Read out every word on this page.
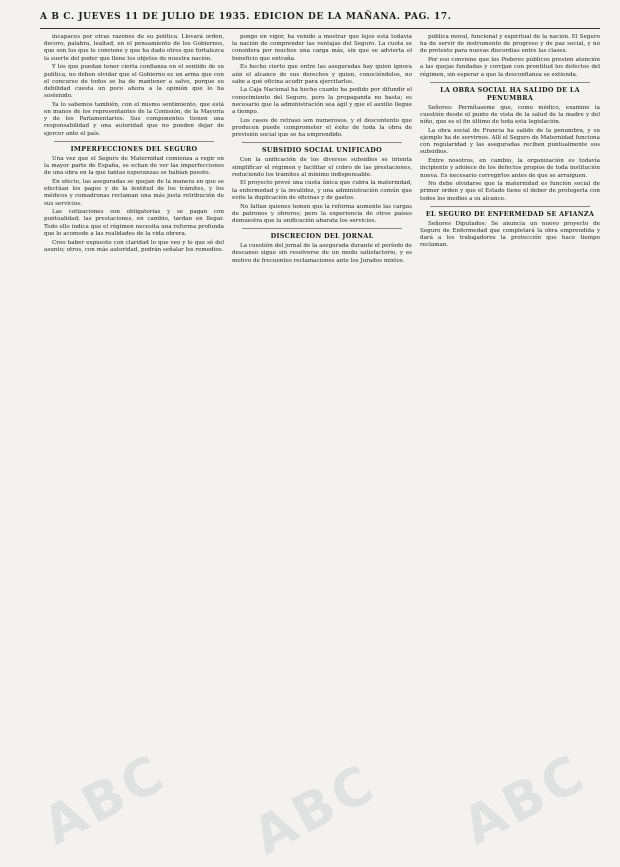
ABC ABC ABC
A B C. JUEVES 11 DE JULIO DE 1935. EDICION DE LA MAÑANA. PAG. 17.

incapaces por otras razones de su política. Llevará orden, decoro, palabra, lealtad, en el pensamiento de los Gobiernos, que son los que le conviene y que ha dado otros que fortalezca la suerte del poder que llene los objetos de nuestra nación.

Y los que puedan tener cierta confianza en el sentido de su política, no deben olvidar que el Gobierno es un arma que con el concurso de todos se ha de mantener a salvo, porque su debilidad cuesta un poco ahora a la opinión que lo ha sostenido.

Ya lo sabemos también, con el mismo sentimiento, que está en manos de los representantes de la Comisión, de la Mayoría y de los Parlamentarios. Sus componentes tienen una responsabilidad y una autoridad que no pueden dejar de ejercer ante el país.

IMPERFECCIONES DEL SEGURO

Una vez que el Seguro de Maternidad comienza a regir en la mayor parte de España, se echan de ver las imperfecciones de una obra en la que tantas esperanzas se habían puesto.

En efecto, las aseguradas se quejan de la manera en que se efectúan los pagos y de la lentitud de los trámites, y los médicos y comadronas reclaman una más justa retribución de sus servicios.

Las cotizaciones son obligatorias y se pagan con puntualidad; las prestaciones, en cambio, tardan en llegar. Todo ello indica que el régimen necesita una reforma profunda que lo acomode a las realidades de la vida obrera.

Creo haber expuesto con claridad lo que veo y lo que sé del asunto; otros, con más autoridad, podrán señalar los remedios.

pongo en vigor, ha venido a mostrar que lejos está todavía la nación de comprender las ventajas del Seguro. La cuota se considera por muchos una carga más, sin que se advierta el beneficio que entraña.

Es hecho cierto que entre las aseguradas hay quien ignora aún el alcance de sus derechos y quien, conociéndolos, no sabe a qué oficina acudir para ejercitarlos.

La Caja Nacional ha hecho cuanto ha podido por difundir el conocimiento del Seguro, pero la propaganda no basta; es necesario que la administración sea ágil y que el auxilio llegue a tiempo.

Los casos de retraso son numerosos, y el descontento que producen puede comprometer el éxito de toda la obra de previsión social que se ha emprendido.

SUBSIDIO SOCIAL UNIFICADO

Con la unificación de los diversos subsidios se intenta simplificar el régimen y facilitar el cobro de las prestaciones, reduciendo los trámites al mínimo indispensable.

El proyecto prevé una cuota única que cubra la maternidad, la enfermedad y la invalidez, y una administración común que evite la duplicación de oficinas y de gastos.

No faltan quienes temen que la reforma aumente las cargas de patronos y obreros; pero la experiencia de otros países demuestra que la unificación abarata los servicios.

DISCRECION DEL JORNAL

La cuestión del jornal de la asegurada durante el período de descanso sigue sin resolverse de un modo satisfactorio, y es motivo de frecuentes reclamaciones ante los Jurados mixtos.

pública moral, funcional y espiritual de la nación. El Seguro ha de servir de instrumento de progreso y de paz social, y no de pretexto para nuevas discordias entre las clases.

Por eso conviene que los Poderes públicos presten atención a las quejas fundadas y corrijan con prontitud los defectos del régimen, sin esperar a que la desconfianza se extienda.

LA OBRA SOCIAL HA SALIDO DE LA PENUMBRA

Señores: Permítaseme que, como médico, examine la cuestión desde el punto de vista de la salud de la madre y del niño, que es el fin último de toda esta legislación.

La obra social de Francia ha salido de la penumbra, y su ejemplo ha de servirnos. Allí el Seguro de Maternidad funciona con regularidad y las aseguradas reciben puntualmente sus subsidios.

Entre nosotros, en cambio, la organización es todavía incipiente y adolece de los defectos propios de toda institución nueva. Es necesario corregirlos antes de que se arraiguen.

No debe olvidarse que la maternidad es función social de primer orden y que el Estado tiene el deber de protegerla con todos los medios a su alcance.

EL SEGURO DE ENFERMEDAD SE AFIANZA

Señores Diputados: Se anuncia un nuevo proyecto de Seguro de Enfermedad que completará la obra emprendida y dará a los trabajadores la protección que hace tiempo reclaman.
